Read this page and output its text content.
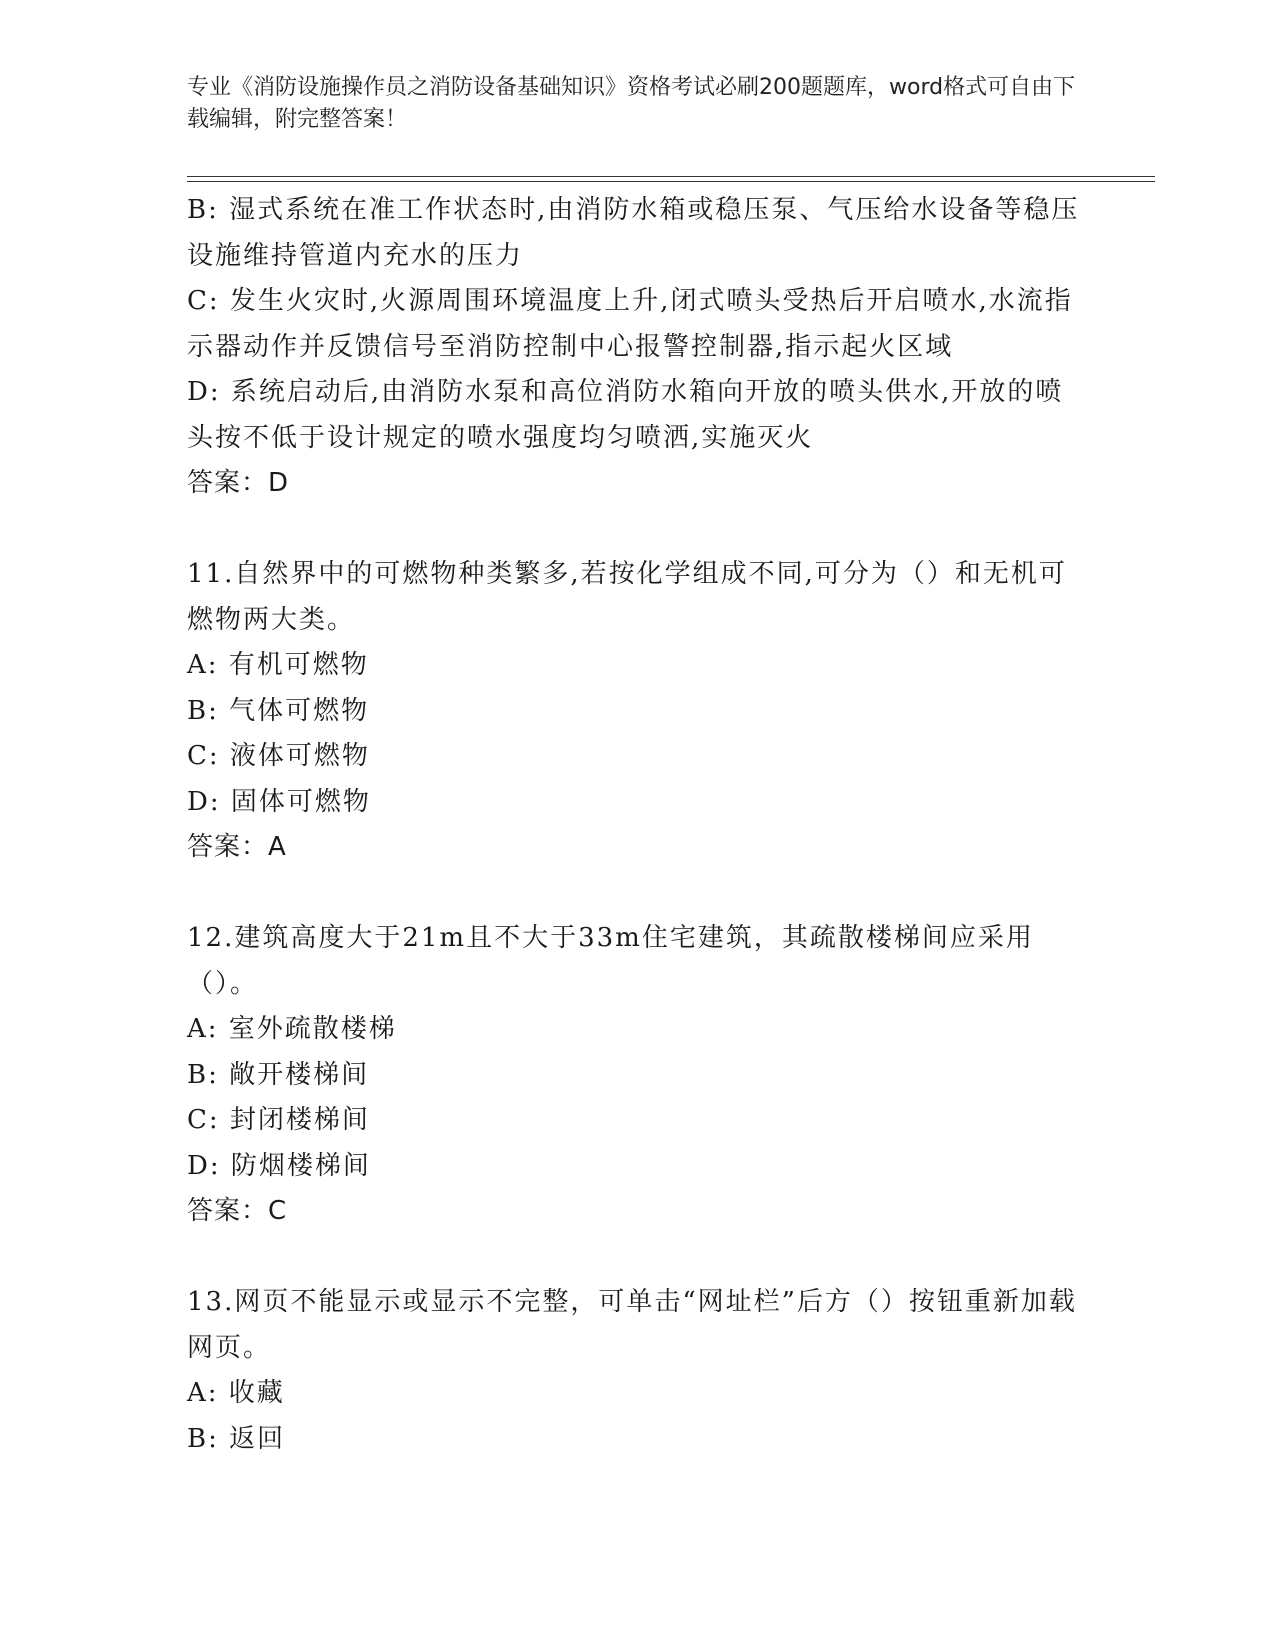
专业《消防设施操作员之消防设备基础知识》资格考试必刷200题题库，word格式可自由下载编辑，附完整答案！

B: 湿式系统在准工作状态时,由消防水箱或稳压泵、气压给水设备等稳压设施维持管道内充水的压力

C: 发生火灾时,火源周围环境温度上升,闭式喷头受热后开启喷水,水流指示器动作并反馈信号至消防控制中心报警控制器,指示起火区域

D: 系统启动后,由消防水泵和高位消防水箱向开放的喷头供水,开放的喷头按不低于设计规定的喷水强度均匀喷洒,实施灭火

答案：D

11.自然界中的可燃物种类繁多,若按化学组成不同,可分为（）和无机可燃物两大类。

A: 有机可燃物

B: 气体可燃物

C: 液体可燃物

D: 固体可燃物

答案：A

12.建筑高度大于21m且不大于33m住宅建筑，其疏散楼梯间应采用（）。

A: 室外疏散楼梯

B: 敞开楼梯间

C: 封闭楼梯间

D: 防烟楼梯间

答案：C

13.网页不能显示或显示不完整，可单击“网址栏”后方（）按钮重新加载网页。

A: 收藏

B: 返回
